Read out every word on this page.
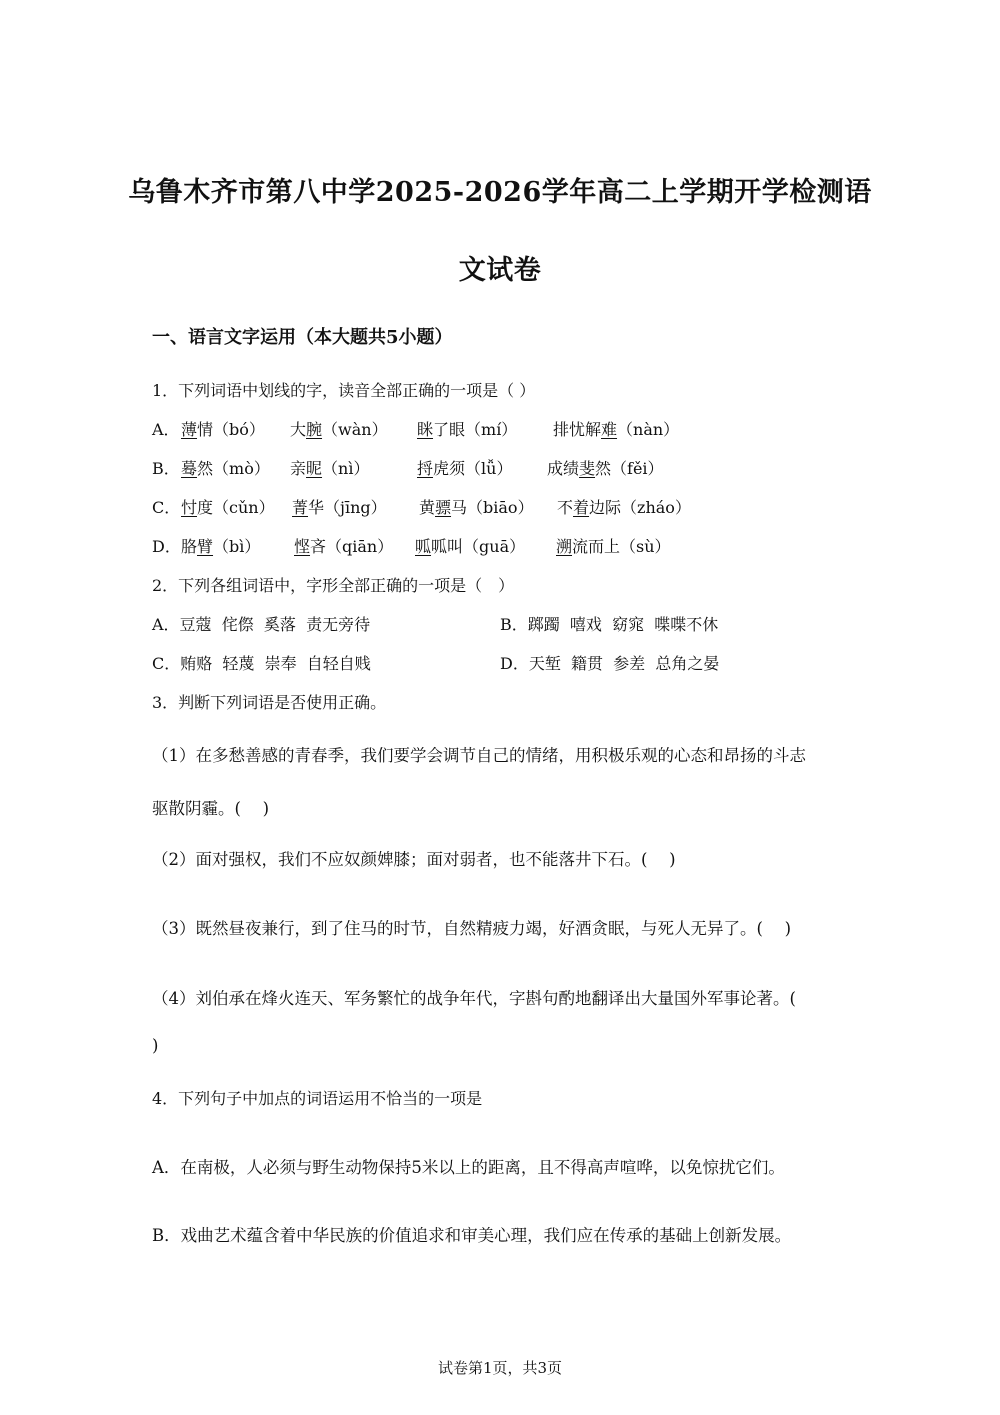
乌鲁木齐市第八中学2025-2026学年高二上学期开学检测语
文试卷
一、语言文字运用（本大题共5小题）
1．下列词语中划线的字，读音全部正确的一项是（ ）
A． 薄情（bó） 大腕（wàn） 眯了眼（mí） 排忧解难（nàn）
B． 蓦然（mò） 亲昵（nì）	捋虎须（lǚ） 成绩斐然（fěi）
C． 忖度（cǔn） 菁华（jīng） 黄骠马（biāo） 不着边际（zháo）
D． 胳臂（bì） 悭吝（qiān） 呱呱叫（guā） 溯流而上（sù）
2．下列各组词语中，字形全部正确的一项是（　）
A．豆蔻  侘傺  奚落  责无旁待	B．踯躅  嘻戏  窈窕  喋喋不休
C．贿赂  轻蔑  崇奉  自轻自贱	D．天堑  籍贯  参差  总角之晏
3．判断下列词语是否使用正确。
（1）在多愁善感的青春季，我们要学会调节自己的情绪，用积极乐观的心态和昂扬的斗志
驱散阴霾。(　 )
（2）面对强权，我们不应奴颜婢膝；面对弱者，也不能落井下石。(　 )
（3）既然昼夜兼行，到了住马的时节，自然精疲力竭，好酒贪眠，与死人无异了。(　 )
（4）刘伯承在烽火连天、军务繁忙的战争年代，字斟句酌地翻译出大量国外军事论著。(
)
4．下列句子中加点的词语运用不恰当的一项是
A．在南极，人必须与野生动物保持5米以上的距离，且不得高声喧哗，以免惊扰它们。
B．戏曲艺术蕴含着中华民族的价值追求和审美心理，我们应在传承的基础上创新发展。
试卷第1页，共3页
